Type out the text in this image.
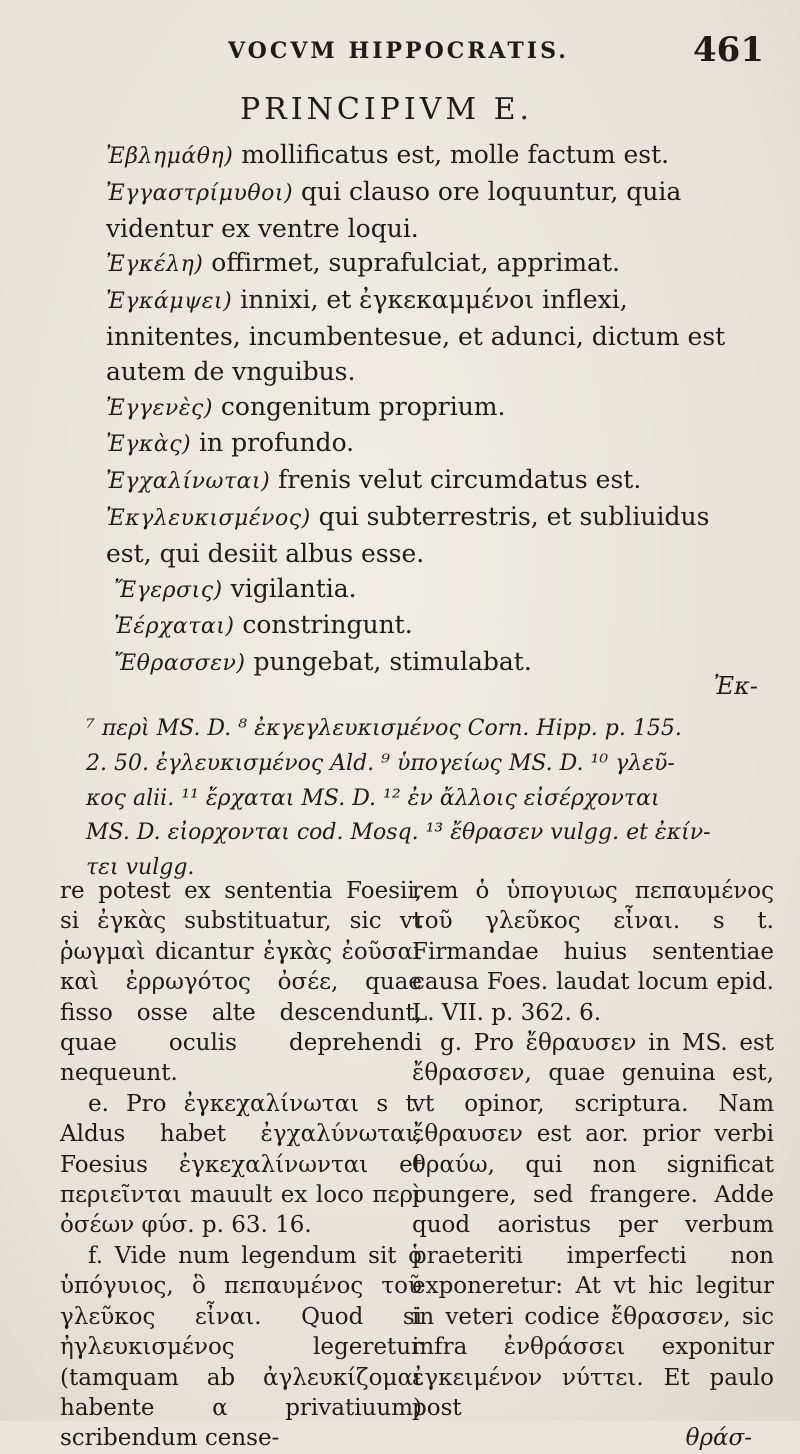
VOCVM HIPPOCRATIS.	461
PRINCIPIVM E.

Ἐβλημάθη) mollificatus est, molle factum est.

Ἐγγαστρίμυθοι) qui clauso ore loquuntur, quia videntur ex ventre loqui.

Ἐγκέλη) offirmet, suprafulciat, apprimat.

Ἐγκάμψει) innixi, et ἐγκεκαμμένοι inflexi, innitentes, incumbentesue, et adunci, dictum est autem de vnguibus.

Ἐγγενὲς) congenitum proprium.

Ἐγκὰς) in profundo.

Ἐγχαλίνωται) frenis velut circumdatus est.

Ἐκγλευκισμένος) qui subterrestris, et subliuidus est, qui desiit albus esse.

Ἔγερσις) vigilantia.

Ἐέρχαται) constringunt.

Ἔθρασσεν) pungebat, stimulabat.

Ἐκ-

⁷ περὶ MS. D. ⁸ ἐκγεγλευκισμένος Corn. Hipp. p. 155.

2. 50. ἐγλευκισμένος Ald. ⁹ ὑπογείως MS. D. ¹⁰ γλεῦ-

κος alii. ¹¹ ἔρχαται MS. D. ¹² ἐν ἄλλοις εἰσέρχονται

MS. D. εἰορχονται cod. Mosq. ¹³ ἔθρασεν vulgg. et ἐκίν-

τει vulgg.

re potest ex sententia Foesii, si ἐγκὰς substituatur, sic vt ῥωγμαὶ dicantur ἐγκὰς ἐοῦσαι καὶ ἐρρωγότος ὀσέε, quae fisso osse alte descendunt, quae oculis deprehendi nequeunt.

e. Pro ἐγκεχαλίνωται s t. Aldus habet ἐγχαλύνωται, Foesius ἐγκεχαλίνωνται et περιεῖνται mauult ex loco περὶ ὀσέων φύσ. p. 63. 16.

f. Vide num legendum sit ὁ ὑπόγυιος, ὃ πεπαυμένος τοῦ γλεῦκος εἶναι. Quod si ἠγλευκισμένος legeretur (tamquam ab ἀγλευκίζομαι habente α privatiuum) scribendum cense-

rem ὁ ὑπογυιως πεπαυμένος τοῦ γλεῦκος εἶναι. s t. Firmandae huius sententiae causa Foes. laudat locum epid. L. VII. p. 362. 6.

g. Pro ἔθραυσεν in MS. est ἔθρασσεν, quae genuina est, vt opinor, scriptura. Nam ἔθραυσεν est aor. prior verbi θραύω, qui non significat pungere, sed frangere. Adde quod aoristus per verbum praeteriti imperfecti non exponeretur: At vt hic legitur in veteri codice ἔθρασσεν, sic infra ἐνθράσσει exponitur ἐγκειμένον νύττει. Et paulo post

θράσ-
